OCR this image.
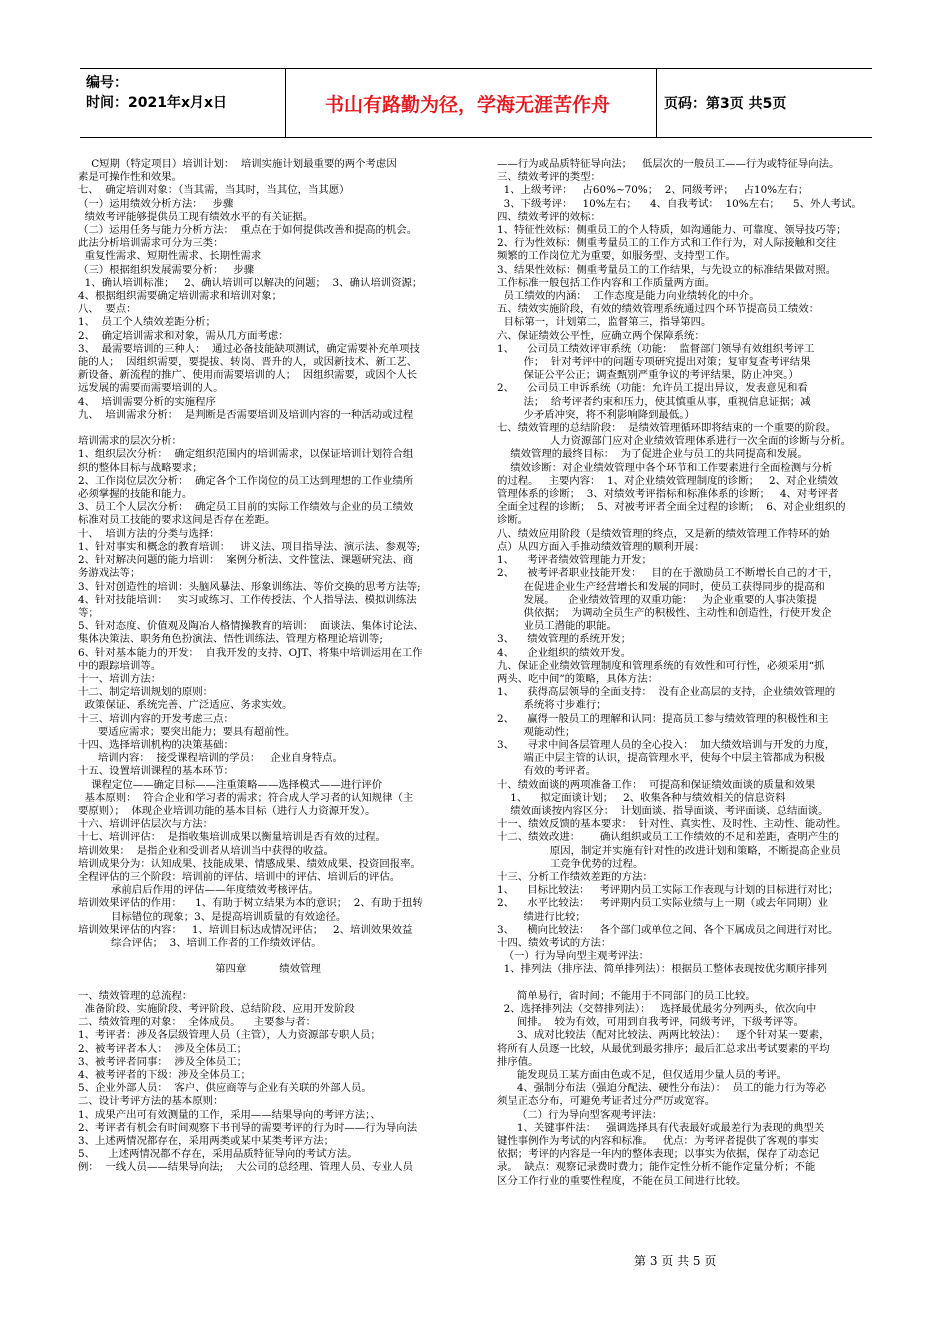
编号：
时间：2021年x月x日	书山有路勤为径，学海无涯苦作舟	页码：第3页 共5页
C短期（特定项目）培训计划：  培训实施计划最重要的两个考虑因
素是可操作性和效果。
七、  确定培训对象：（当其需，当其时，当其位，当其愿）
（一）运用绩效分析方法：   步骤
绩效考评能够提供员工现有绩效水平的有关证据。
（二）运用任务与能力分析方法：  重点在于如何提供改善和提高的机会。
此法分析培训需求可分为三类：
重复性需求、短期性需求、长期性需求
（三）根据组织发展需要分析：   步骤
1、确认培训标准；   2、确认培训可以解决的问题；  3、确认培训资源；
4、根据组织需要确定培训需求和培训对象；
八、  要点：
1、  员工个人绩效差距分析；
2、  确定培训需求和对象，需从几方面考虑：
3、  最需要培训的三种人：  通过必备技能缺项测试，确定需要补充单项技
能的人；  因组织需要，要提拔、转岗、晋升的人，或因新技术、新工艺、
新设备、新流程的推广、使用而需要培训的人；  因组织需要，或因个人长
远发展的需要而需要培训的人。
4、  培训需要分析的实施程序
九、  培训需求分析：  是判断是否需要培训及培训内容的一种活动或过程

培训需求的层次分析：
1、组织层次分析：  确定组织范围内的培训需求，以保证培训计划符合组
织的整体目标与战略要求；
2、工作岗位层次分析：  确定各个工作岗位的员工达到理想的工作业绩所
必须掌握的技能和能力。
3、员工个人层次分析：  确定员工目前的实际工作绩效与企业的员工绩效
标准对员工技能的要求这间是否存在差距。
十、  培训方法的分类与选择：
1、针对事实和概念的教育培训：   讲义法、项目指导法、演示法、参观等;
2、针对解决问题的能力培训：  案例分析法、文件筐法、课题研究法、商
务游戏法等；
3、针对创造性的培训：头脑风暴法、形象训练法、等价交换的思考方法等;
4、针对技能培训：   实习或练习、工作传授法、个人指导法、模拟训练法
等；
5、针对态度、价值观及陶冶人格情操教育的培训：  面谈法、集体讨论法、
集体决策法、职务角色扮演法、悟性训练法、管理方格理论培训等;
6、针对基本能力的开发：  自我开发的支持、OJT、将集中培训运用在工作
中的跟踪培训等。
十一、培训方法：
十二、制定培训规划的原则：
政策保证、系统完善、广泛适应、务求实效。
十三、培训内容的开发考虑三点：
要适应需求；要突出能力；要具有超前性。
十四、选择培训机构的决策基础：
培训内容：  接受课程培训的学员：   企业自身特点。
十五、设置培训课程的基本环节：
课程定位——确定目标——注重策略——选择模式——进行评价
基本原则：  符合企业和学习者的需求；符合成人学习者的认知规律（主
要原则）；  体现企业培训功能的基本目标（进行人力资源开发）。
十六、培训评估层次与方法：
十七、培训评估：  是指收集培训成果以衡量培训是否有效的过程。
培训效果：  是指企业和受训者从培训当中获得的收益。
培训成果分为：认知成果、技能成果、情感成果、绩效成果、投资回报率。
全程评估的三个阶段：培训前的评估、培训中的评估、培训后的评估。
承前启后作用的评估——年度绩效考核评估。
培训效果评估的作用：    1、有助于树立结果为本的意识；  2、有助于扭转
目标错位的现象；3、是提高培训质量的有效途径。
培训效果评估的内容：   1、培训目标达成情况评估；   2、培训效果效益
综合评估；  3、培训工作者的工作绩效评估。

第四章          绩效管理

一、绩效管理的总流程：
准备阶段、实施阶段、考评阶段、总结阶段、应用开发阶段
二、绩效管理的对象：  全体成员。    主要参与者：
1、考评者：涉及各层级管理人员（主管），人力资源部专职人员；
2、被考评者本人：  涉及全体员工；
3、被考评者同事：  涉及全体员工；
4、被考评者的下级：涉及全体员工；
5、企业外部人员：  客户、供应商等与企业有关联的外部人员。
二、设计考评方法的基本原则：
1、成果产出可有效测量的工作，采用——结果导向的考评方法；、
2、考评者有机会有时间观察下书刊导的需要考评的行为时——行为导向法
3、上述两情况都存在，采用两类或某中某类考评方法；
5、    上述两情况都不存在，采用品质特征导向的考试方法。
例：  一线人员——结果导向法;    大公司的总经理、管理人员、专业人员
——行为或品质特征导向法；   低层次的一般员工——行为或特征导向法。
三、绩效考评的类型：
1、上级考评：   占60%~70%；  2、同级考评；   占10%左右；
3、下级考评：   10%左右；    4、自我考试：  10%左右；    5、外人考试。
四、绩效考评的效标：
1、特征性效标：侧重员工的个人特质，如沟通能力、可靠度、领导技巧等；
2、行为性效标：侧重考量员工的工作方式和工作行为，对人际接触和交往
频繁的工作岗位尤为重要，如服务型、支持型工作。
3、结果性效标：侧重考量员工的工作结果，与先设立的标准结果做对照。
工作标准一般包括工作内容和工作质量两方面。
员工绩效的内涵：  工作态度是能力向业绩转化的中介。
五、绩效实施阶段，有效的绩效管理系统通过四个环节提高员工绩效：
目标第一，计划第二，监督第三，指导第四。
六、保证绩效公平性，应确立两个保障系统：
1、    公司员工绩效评审系统（功能：  监督部门领导有效组织考评工
作；  针对考评中的问题专项研究提出对策；复审复查考评结果
保证公平公正；调查甄别严重争议的考评结果，防止冲突。）
2、    公司员工申诉系统（功能：允许员工提出异议，发表意见和看
法；  给考评者约束和压力，使其慎重从事，重视信息证据；减
少矛盾冲突，将不利影响降到最低。）
七、绩效管理的总结阶段：  是绩效管理循环即将结束的一个重要的阶段。
人力资源部门应对企业绩效管理体系进行一次全面的诊断与分析。
绩效管理的最终目标：  为了促进企业与员工的共同提高和发展。
绩效诊断：对企业绩效管理中各个环节和工作要素进行全面检测与分析
的过程。   主要内容：  1、对企业绩效管理制度的诊断；   2、对企业绩效
管理体系的诊断；  3、对绩效考评指标和标准体系的诊断；   4、对考评者
全面全过程的诊断；  5、对被考评者全面全过程的诊断；  6、对企业组织的
诊断。
八、绩效应用阶段（是绩效管理的终点，又是新的绩效管理工作特环的始
点）从四方面入手推动绩效管理的顺利开展：
1、    考评者绩效管理能力开发；
2、    被考评者职业技能开发：   目的在于激励员工不断增长自己的才干，
在促进企业生产经营增长和发展的同时，使员工获得同步的提高和
发展。    企业绩效管理的双重功能：   为企业重要的人事决策提
供依据；  为调动全员生产的积极性、主动性和创造性，行使开发企
业员工潜能的职能。
3、    绩效管理的系统开发；
4、    企业组织的绩效开发。
九、保证企业绩效管理制度和管理系统的有效性和可行性，必须采用“抓
两头、吃中间”的策略，具体方法：
1、    获得高层领导的全面支持：  没有企业高层的支持，企业绩效管理的
系统将寸步难行；
2、    赢得一般员工的理解和认同：提高员工参与绩效管理的积极性和主
观能动性；
3、    寻求中间各层管理人员的全心投入：  加大绩效培训与开发的力度，
端正中层主管的认识，提高管理水平，使每个中层主管都成为积极
有效的考评者。
十、绩效面谈的两项准备工作：  可提高和保证绩效面谈的质量和效果
1、    拟定面谈计划；   2、收集各种与绩效相关的信息资料
绩效面谈按内容区分：  计划面谈、指导面谈、考评面谈、总结面谈。
十一、绩效反馈的基本要求：  针对性、真实性、及时性、主动性、能动性。
十二、绩效改进：      确认组织或员工工作绩效的不足和差距，查明产生的
原因，制定并实施有针对性的改进计划和策略，不断提高企业员
工竞争优势的过程。
十三、分析工作绩效差距的方法：
1、    目标比较法：   考评期内员工实际工作表现与计划的目标进行对比；
2、    水平比较法：   考评期内员工实际业绩与上一期（或去年同期）业
绩进行比较；
3、    横向比较法：   各个部门或单位之间、各个下属成员之间进行对比。
十四、绩效考试的方法：
（一）行为导向型主观考评法：
1、排列法（排序法、简单排列法）：根据员工整体表现按优劣顺序排列

简单易行，省时间；不能用于不同部门的员工比较。
2、选择排列法（交替排列法）：   选择最优最劣分列两头，依次向中
间排。  较为有效，可用到自我考评，同级考评，下级考评等。
3、成对比较法（配对比较法、两两比较法）：   逐个针对某一要素，
将所有人员逐一比较，从最优到最劣排序；最后汇总求出考试要素的平均
排序值。
能发现员工某方面由色或不足，但仅适用少量人员的考评。
4、强制分布法（强迫分配法、硬性分布法）：  员工的能力行为等必
须呈正态分布，可避免考证者过分严厉或宽容。
（二）行为导向型客观考评法：
1、关键事件法：   强调选择具有代表最好或最差行为表现的典型关
键性事例作为考试的内容和标准。   优点：为考评者提供了客观的事实
依据；考评的内容是一年内的整体表现；以事实为依据，保存了动态记
录。  缺点：观察记录费时费力；能作定性分析不能作定量分析；不能
区分工作行业的重要性程度，不能在员工间进行比较。
第 3 页 共 5 页
